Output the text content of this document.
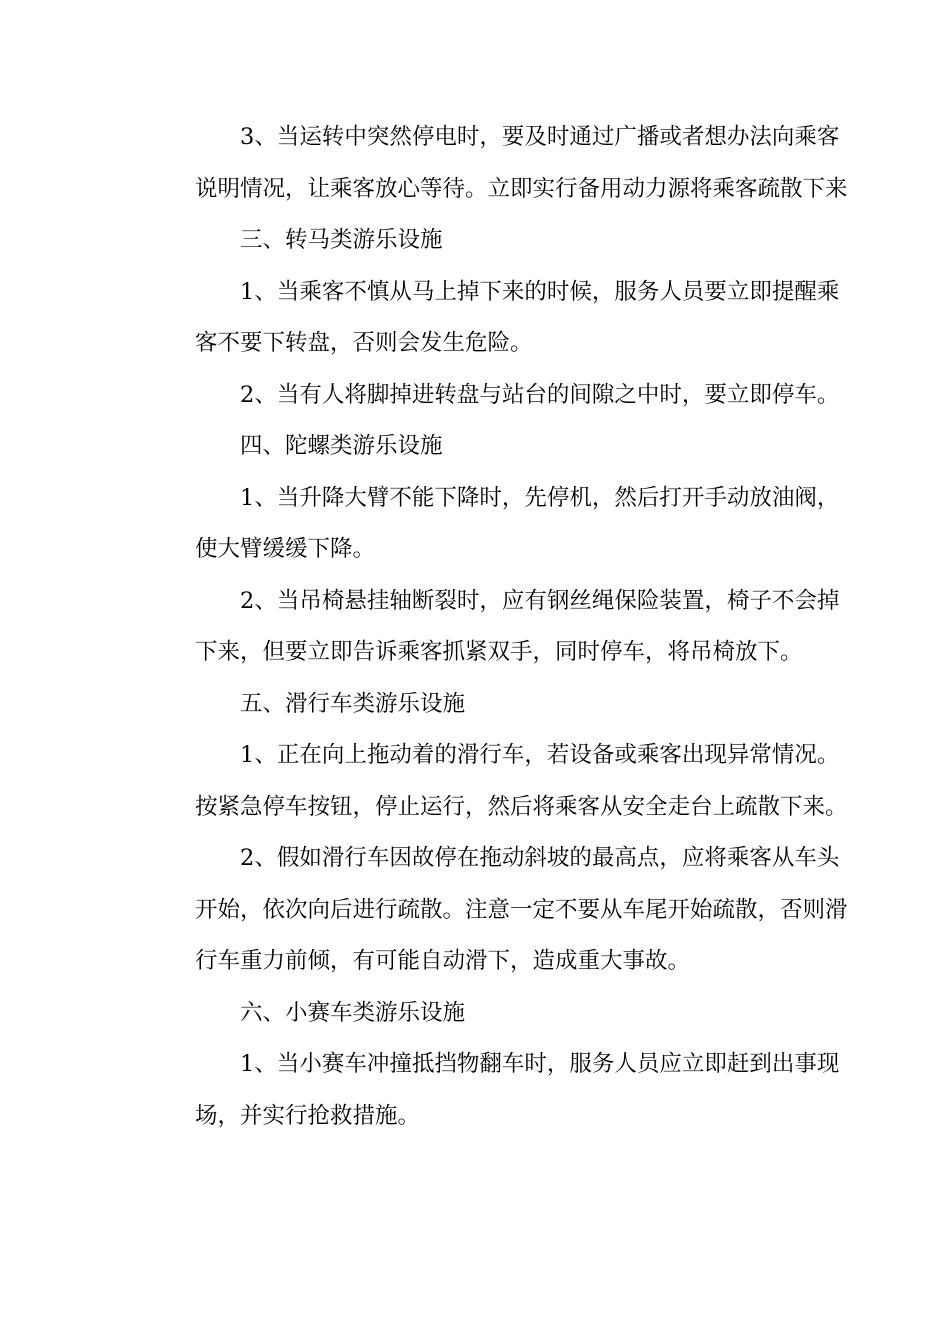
3、当运转中突然停电时，要及时通过广播或者想办法向乘客
说明情况，让乘客放心等待。立即实行备用动力源将乘客疏散下来
三、转马类游乐设施
1、当乘客不慎从马上掉下来的时候，服务人员要立即提醒乘
客不要下转盘，否则会发生危险。
2、当有人将脚掉进转盘与站台的间隙之中时，要立即停车。
四、陀螺类游乐设施
1、当升降大臂不能下降时，先停机，然后打开手动放油阀，
使大臂缓缓下降。
2、当吊椅悬挂轴断裂时，应有钢丝绳保险装置，椅子不会掉
下来，但要立即告诉乘客抓紧双手，同时停车，将吊椅放下。
五、滑行车类游乐设施
1、正在向上拖动着的滑行车，若设备或乘客出现异常情况。
按紧急停车按钮，停止运行，然后将乘客从安全走台上疏散下来。
2、假如滑行车因故停在拖动斜坡的最高点，应将乘客从车头
开始，依次向后进行疏散。注意一定不要从车尾开始疏散，否则滑
行车重力前倾，有可能自动滑下，造成重大事故。
六、小赛车类游乐设施
1、当小赛车冲撞抵挡物翻车时，服务人员应立即赶到出事现
场，并实行抢救措施。
